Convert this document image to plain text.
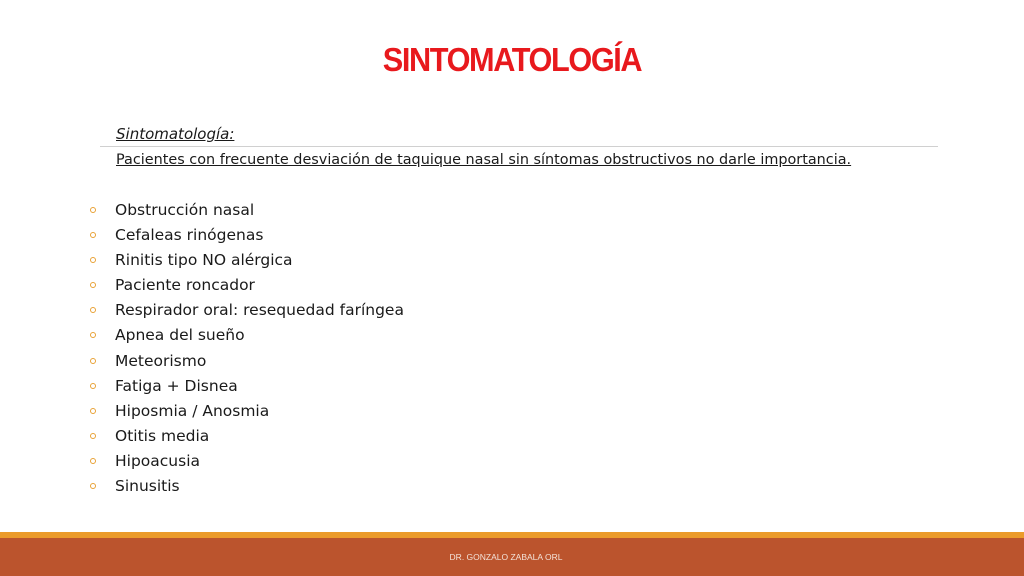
SINTOMATOLOGÍA
Sintomatología:
Pacientes con frecuente desviación de taquique nasal sin síntomas obstructivos no darle importancia.
Obstrucción nasal
Cefaleas rinógenas
Rinitis tipo NO alérgica
Paciente roncador
Respirador oral: resequedad faríngea
Apnea del sueño
Meteorismo
Fatiga + Disnea
Hiposmia / Anosmia
Otitis media
Hipoacusia
Sinusitis
DR. GONZALO ZABALA ORL
